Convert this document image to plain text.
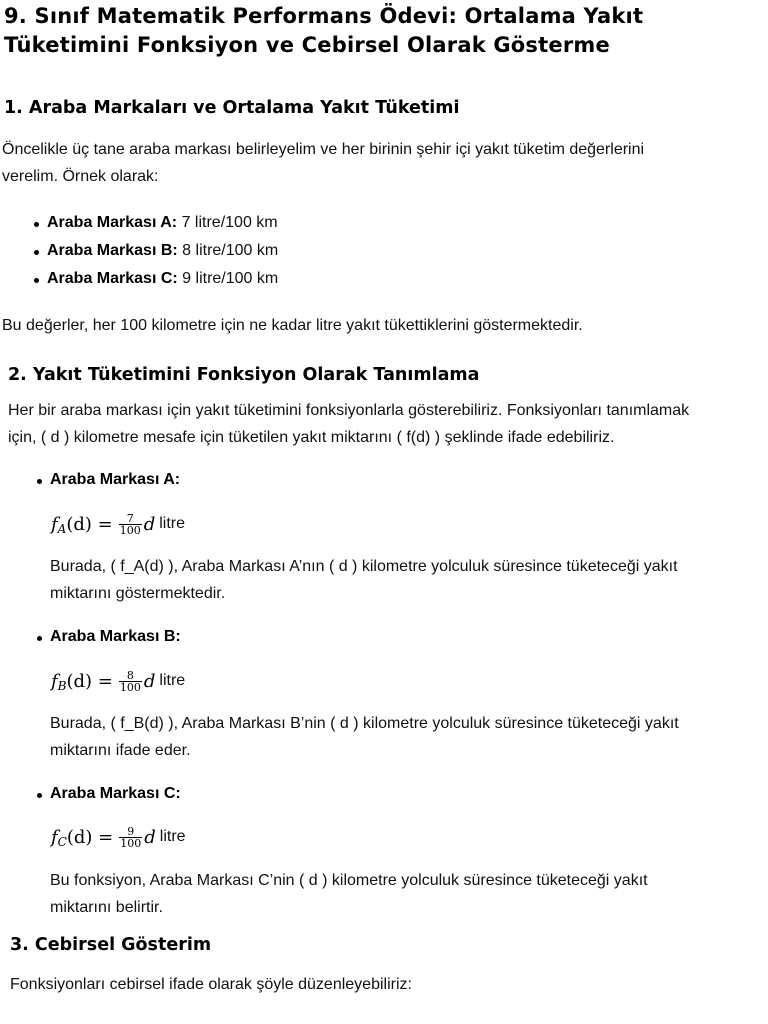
9. Sınıf Matematik Performans Ödevi: Ortalama Yakıt
Tüketimini Fonksiyon ve Cebirsel Olarak Gösterme
1. Araba Markaları ve Ortalama Yakıt Tüketimi
Öncelikle üç tane araba markası belirleyelim ve her birinin şehir içi yakıt tüketim değerlerini
verelim. Örnek olarak:
Araba Markası A: 7 litre/100 km
Araba Markası B: 8 litre/100 km
Araba Markası C: 9 litre/100 km
Bu değerler, her 100 kilometre için ne kadar litre yakıt tükettiklerini göstermektedir.
2. Yakıt Tüketimini Fonksiyon Olarak Tanımlama
Her bir araba markası için yakıt tüketimini fonksiyonlarla gösterebiliriz. Fonksiyonları tanımlamak
için, ( d ) kilometre mesafe için tüketilen yakıt miktarını ( f(d) ) şeklinde ifade edebiliriz.
Araba Markası A:
f A $(d) = \frac{7}{100}$ d litre
Burada, ( f_A(d) ), Araba Markası A’nın ( d ) kilometre yolculuk süresince tüketeceği yakıt
miktarını göstermektedir.
Araba Markası B:
f B $(d) = \frac{8}{100}$ d litre
Burada, ( f_B(d) ), Araba Markası B’nin ( d ) kilometre yolculuk süresince tüketeceği yakıt
miktarını ifade eder.
Araba Markası C:
f C $(d) = \frac{9}{100}$ d litre
Bu fonksiyon, Araba Markası C’nin ( d ) kilometre yolculuk süresince tüketeceği yakıt
miktarını belirtir.
3. Cebirsel Gösterim
Fonksiyonları cebirsel ifade olarak şöyle düzenleyebiliriz:
